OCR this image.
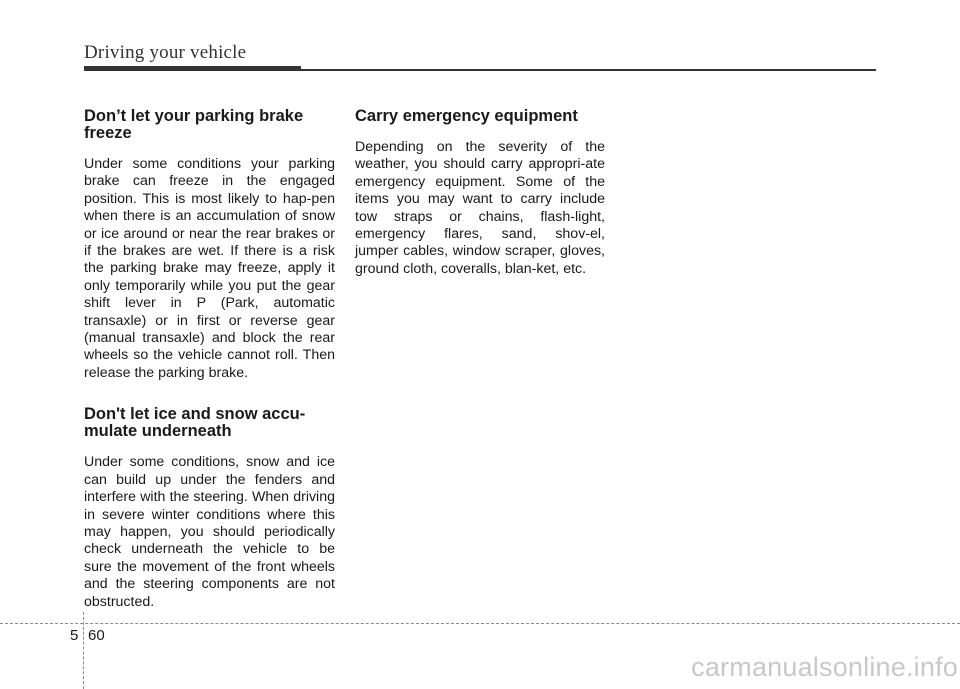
Driving your vehicle
Don’t let your parking brake freeze

Under some conditions your parking brake can freeze in the engaged position. This is most likely to hap-pen when there is an accumulation of snow or ice around or near the rear brakes or if the brakes are wet. If there is a risk the parking brake may freeze, apply it only temporarily while you put the gear shift lever in P (Park, automatic transaxle) or in first or reverse gear (manual transaxle) and block the rear wheels so the vehicle cannot roll. Then release the parking brake.

Don't let ice and snow accu-mulate underneath

Under some conditions, snow and ice can build up under the fenders and interfere with the steering. When driving in severe winter conditions where this may happen, you should periodically check underneath the vehicle to be sure the movement of the front wheels and the steering components are not obstructed.

Carry emergency equipment

Depending on the severity of the weather, you should carry appropri-ate emergency equipment. Some of the items you may want to carry include tow straps or chains, flash-light, emergency flares, sand, shov-el, jumper cables, window scraper, gloves, ground cloth, coveralls, blan-ket, etc.

5 60
carmanualsonline.info
